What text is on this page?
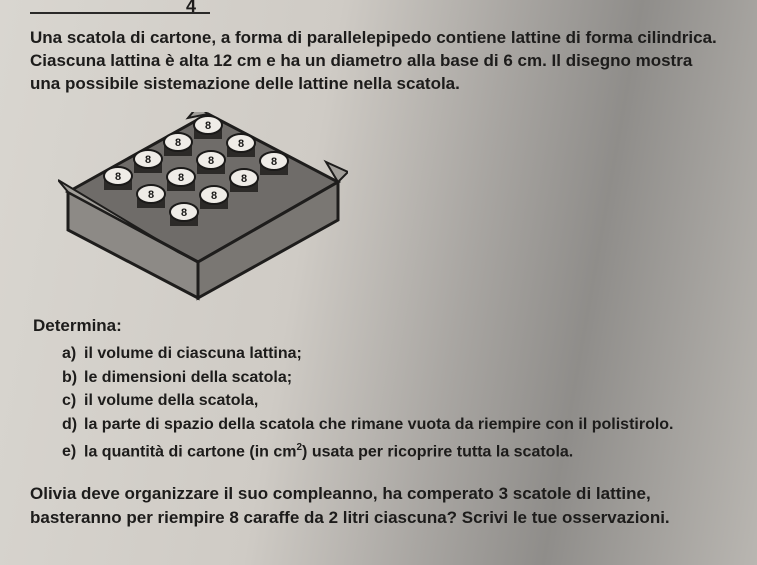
4

Una scatola di cartone, a forma di parallelepipedo contiene lattine di forma cilindrica.

Ciascuna lattina è alta 12 cm e ha un diametro alla base di 6 cm. Il disegno mostra

una possibile sistemazione delle lattine nella scatola.

8
8
8
8
8
8
8
8
8
8
8
8
Determina:
a) il volume di ciascuna lattina;
b) le dimensioni della scatola;
c) il volume della scatola,
d) la parte di spazio della scatola che rimane vuota da riempire con il polistirolo.
e) la quantità di cartone (in $cm^2$) usata per ricoprire tutta la scatola.

Olivia deve organizzare il suo compleanno, ha comperato 3 scatole di lattine,

basteranno per riempire 8 caraffe da 2 litri ciascuna? Scrivi le tue osservazioni.
